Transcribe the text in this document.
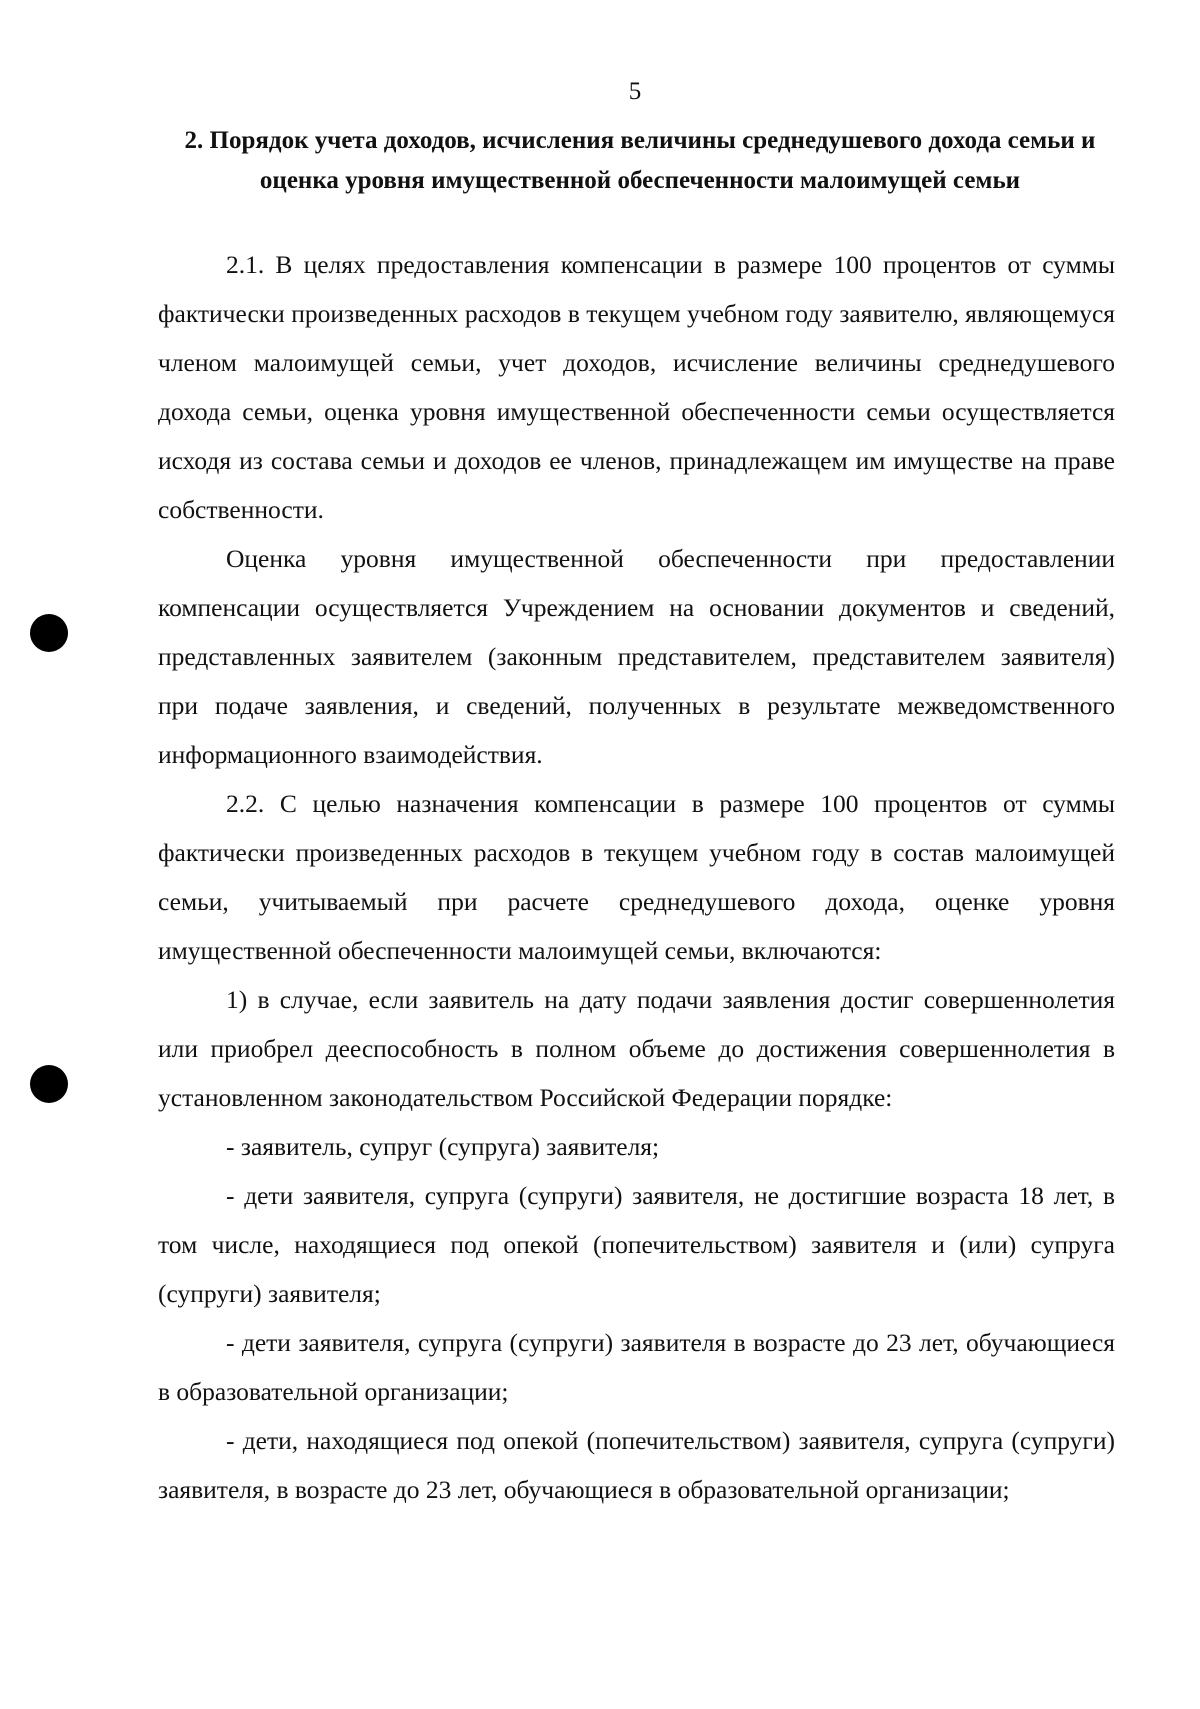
5
2. Порядок учета доходов, исчисления величины среднедушевого дохода семьи и оценка уровня имущественной обеспеченности малоимущей семьи

2.1. В целях предоставления компенсации в размере 100 процентов от суммы фактически произведенных расходов в текущем учебном году заявителю, являющемуся членом малоимущей семьи, учет доходов, исчисление величины среднедушевого дохода семьи, оценка уровня имущественной обеспеченности семьи осуществляется исходя из состава семьи и доходов ее членов, принадлежащем им имуществе на праве собственности.

Оценка уровня имущественной обеспеченности при предоставлении компенсации осуществляется Учреждением на основании документов и сведений, представленных заявителем (законным представителем, представителем заявителя) при подаче заявления, и сведений, полученных в результате межведомственного информационного взаимодействия.

2.2. С целью назначения компенсации в размере 100 процентов от суммы фактически произведенных расходов в текущем учебном году в состав малоимущей семьи, учитываемый при расчете среднедушевого дохода, оценке уровня имущественной обеспеченности малоимущей семьи, включаются:

1) в случае, если заявитель на дату подачи заявления достиг совершеннолетия или приобрел дееспособность в полном объеме до достижения совершеннолетия в установленном законодательством Российской Федерации порядке:

- заявитель, супруг (супруга) заявителя;

- дети заявителя, супруга (супруги) заявителя, не достигшие возраста 18 лет, в том числе, находящиеся под опекой (попечительством) заявителя и (или) супруга (супруги) заявителя;

- дети заявителя, супруга (супруги) заявителя в возрасте до 23 лет, обучающиеся в образовательной организации;

- дети, находящиеся под опекой (попечительством) заявителя, супруга (супруги) заявителя, в возрасте до 23 лет, обучающиеся в образовательной организации;
